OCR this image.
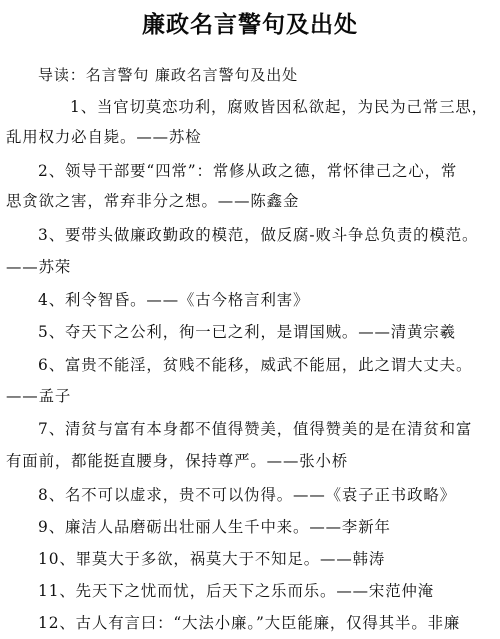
廉政名言警句及出处
导读：名言警句 廉政名言警句及出处
1、当官切莫恋功利，腐败皆因私欲起，为民为己常三思，
乱用权力必自毙。——苏检
2、领导干部要“四常”：常修从政之德，常怀律己之心，常
思贪欲之害，常弃非分之想。——陈鑫金
3、要带头做廉政勤政的模范，做反腐-败斗争总负责的模范。
——苏荣
4、利令智昏。——《古今格言利害》
5、夺天下之公利，徇一已之利，是谓国贼。——清黄宗羲
6、富贵不能淫，贫贱不能移，威武不能屈，此之谓大丈夫。
——孟子
7、清贫与富有本身都不值得赞美，值得赞美的是在清贫和富
有面前，都能挺直腰身，保持尊严。——张小桥
8、名不可以虚求，贵不可以伪得。——《袁子正书政略》
9、廉洁人品磨砺出壮丽人生千中来。——李新年
10、罪莫大于多欲，祸莫大于不知足。——韩涛
11、先天下之忧而忧，后天下之乐而乐。——宋范仲淹
12、古人有言曰：“大法小廉。”大臣能廉，仅得其半。非廉
